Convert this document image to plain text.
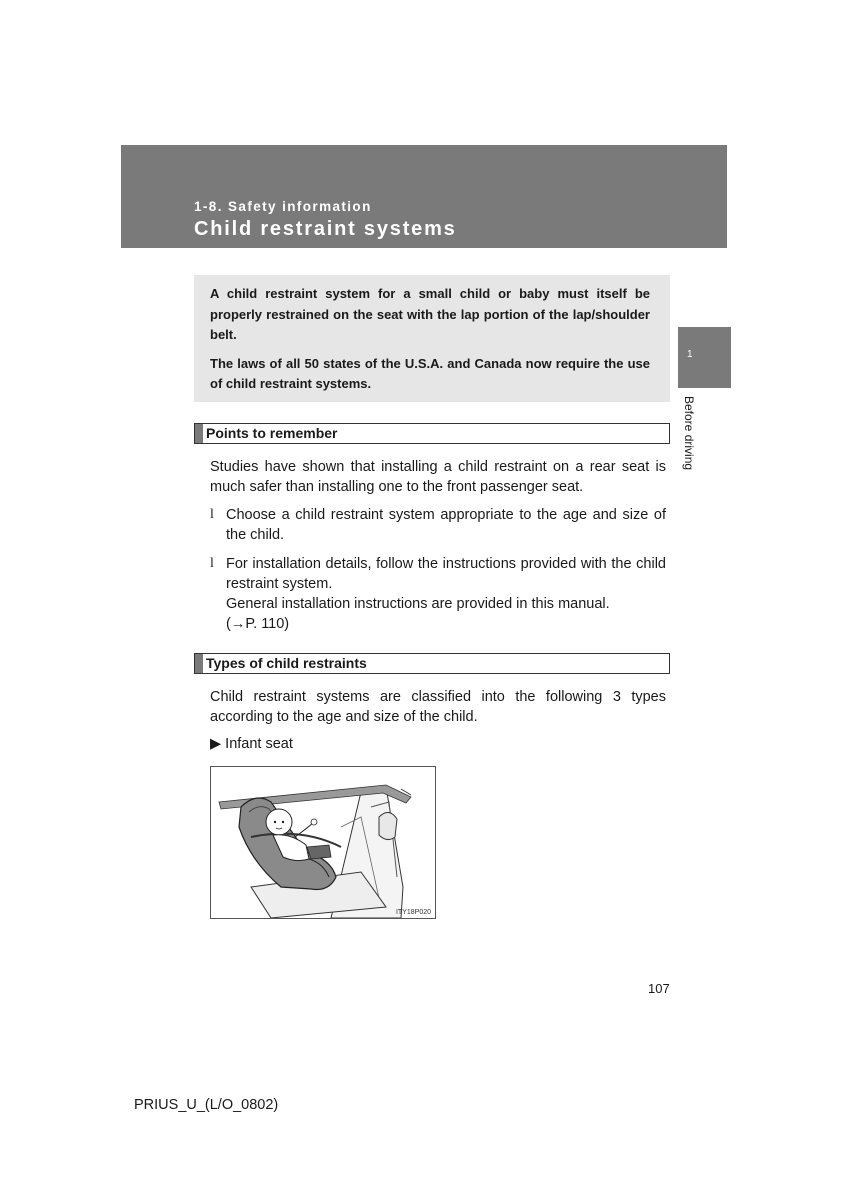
1-8. Safety information
Child restraint systems
1
Before driving

A child restraint system for a small child or baby must itself be properly restrained on the seat with the lap portion of the lap/shoulder belt.

The laws of all 50 states of the U.S.A. and Canada now require the use of child restraint systems.

Points to remember

Studies have shown that installing a child restraint on a rear seat is much safer than installing one to the front passenger seat.

l Choose a child restraint system appropriate to the age and size of the child.
l For installation details, follow the instructions provided with the child restraint system.
General installation instructions are provided in this manual.
(→P. 110)
Types of child restraints

Child restraint systems are classified into the following 3 types according to the age and size of the child.

▶ Infant seat
ITY18P020
107
PRIUS_U_(L/O_0802)
